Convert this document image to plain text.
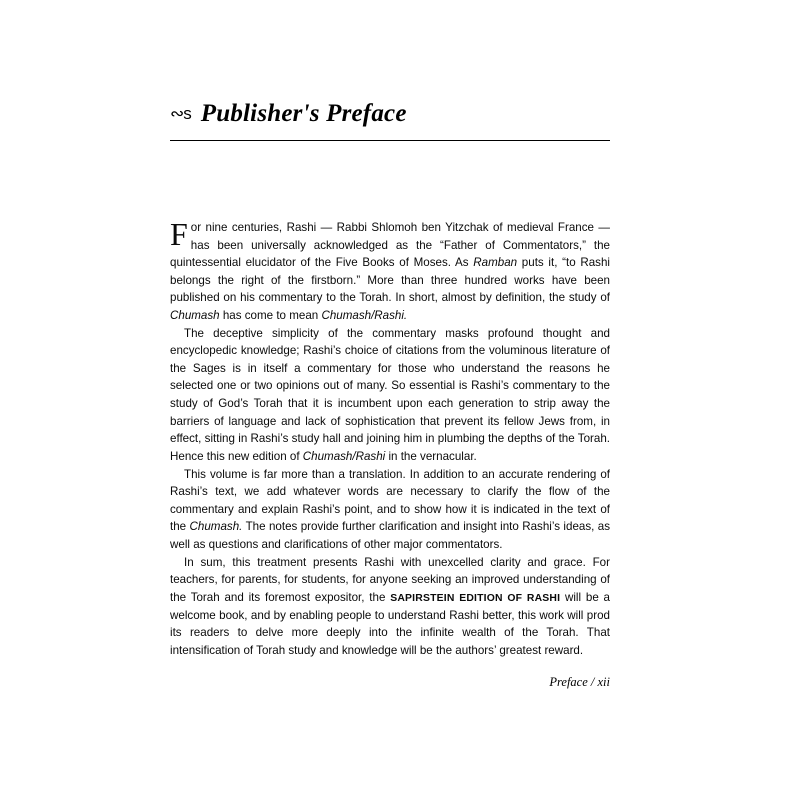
∾ѕ Publisher's Preface

For nine centuries, Rashi — Rabbi Shlomoh ben Yitzchak of medieval France — has been universally acknowledged as the “Father of Commentators,” the quintessential elucidator of the Five Books of Moses. As Ramban puts it, “to Rashi belongs the right of the firstborn.” More than three hundred works have been published on his commentary to the Torah. In short, almost by definition, the study of Chumash has come to mean Chumash/Rashi.

The deceptive simplicity of the commentary masks profound thought and encyclopedic knowledge; Rashi’s choice of citations from the voluminous literature of the Sages is in itself a commentary for those who understand the reasons he selected one or two opinions out of many. So essential is Rashi’s commentary to the study of God’s Torah that it is incumbent upon each generation to strip away the barriers of language and lack of sophistication that prevent its fellow Jews from, in effect, sitting in Rashi’s study hall and joining him in plumbing the depths of the Torah. Hence this new edition of Chumash/Rashi in the vernacular.

This volume is far more than a translation. In addition to an accurate rendering of Rashi’s text, we add whatever words are necessary to clarify the flow of the commentary and explain Rashi’s point, and to show how it is indicated in the text of the Chumash. The notes provide further clarification and insight into Rashi’s ideas, as well as questions and clarifications of other major commentators.

In sum, this treatment presents Rashi with unexcelled clarity and grace. For teachers, for parents, for students, for anyone seeking an improved understanding of the Torah and its foremost expositor, the SAPIRSTEIN EDITION OF RASHI will be a welcome book, and by enabling people to understand Rashi better, this work will prod its readers to delve more deeply into the infinite wealth of the Torah. That intensification of Torah study and knowledge will be the authors’ greatest reward.

Preface / xii
